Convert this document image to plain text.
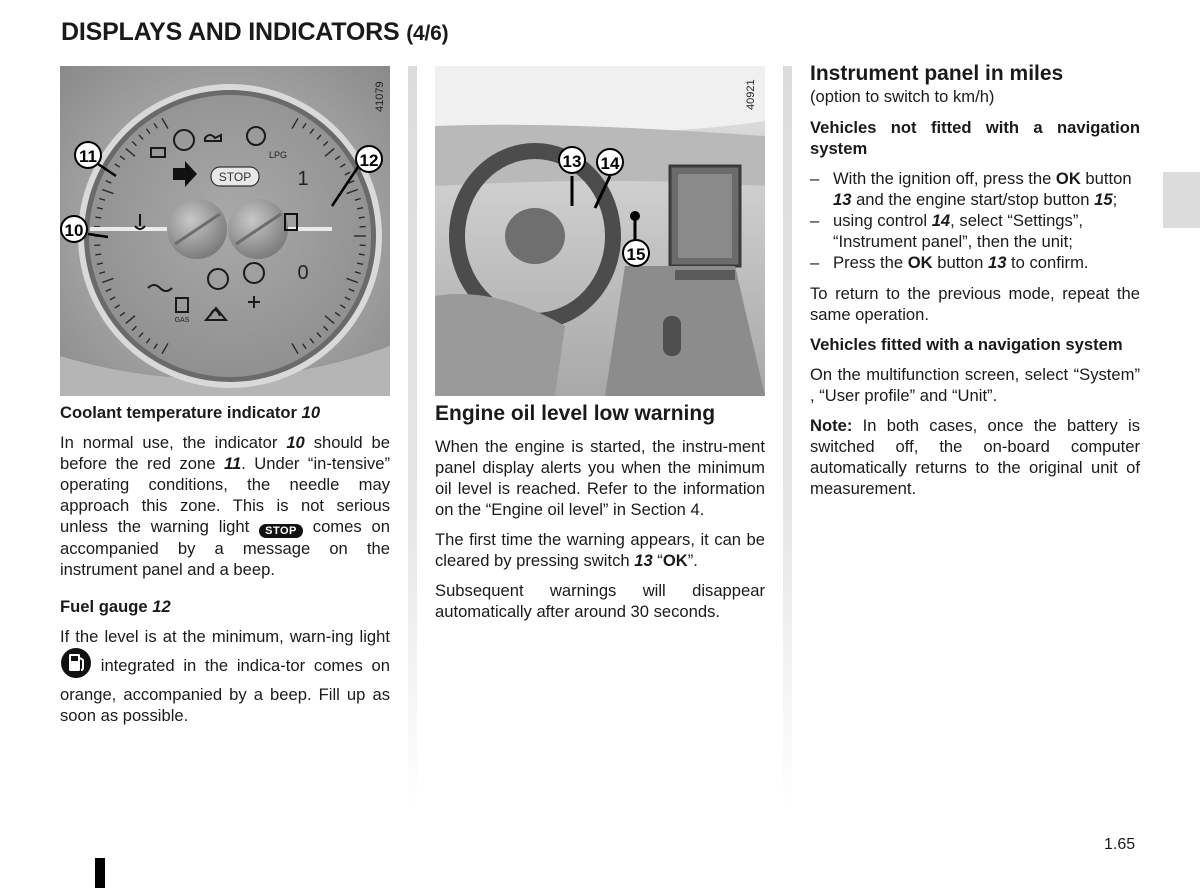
DISPLAYS AND INDICATORS (4/6)
STOP
LPG
1
0
GAS
11	12
10
41079
13 14
15
40921

Coolant temperature indicator 10

In normal use, the indicator 10 should be before the red zone 11. Under “in-tensive” operating conditions, the needle may approach this zone. This is not serious unless the warning light STOP comes on accompanied by a message on the instrument panel and a beep.

Fuel gauge 12

If the level is at the minimum, warn-ing light  integrated in the indica-tor comes on orange, accompanied by a beep. Fill up as soon as possible.

Engine oil level low warning

When the engine is started, the instru-ment panel display alerts you when the minimum oil level is reached. Refer to the information on the “Engine oil level” in Section 4.

The first time the warning appears, it can be cleared by pressing switch 13 “OK”.

Subsequent warnings will disappear automatically after around 30 seconds.

Instrument panel in miles

(option to switch to km/h)

Vehicles not fitted with a navigation system

– With the ignition off, press the OK button 13 and the engine start/stop button 15;
– using control 14, select “Settings”, “Instrument panel”, then the unit;
– Press the OK button 13 to confirm.

To return to the previous mode, repeat the same operation.

Vehicles fitted with a navigation system

On the multifunction screen, select “System” , “User profile” and “Unit”.

Note: In both cases, once the battery is switched off, the on-board computer automatically returns to the original unit of measurement.

1.65
